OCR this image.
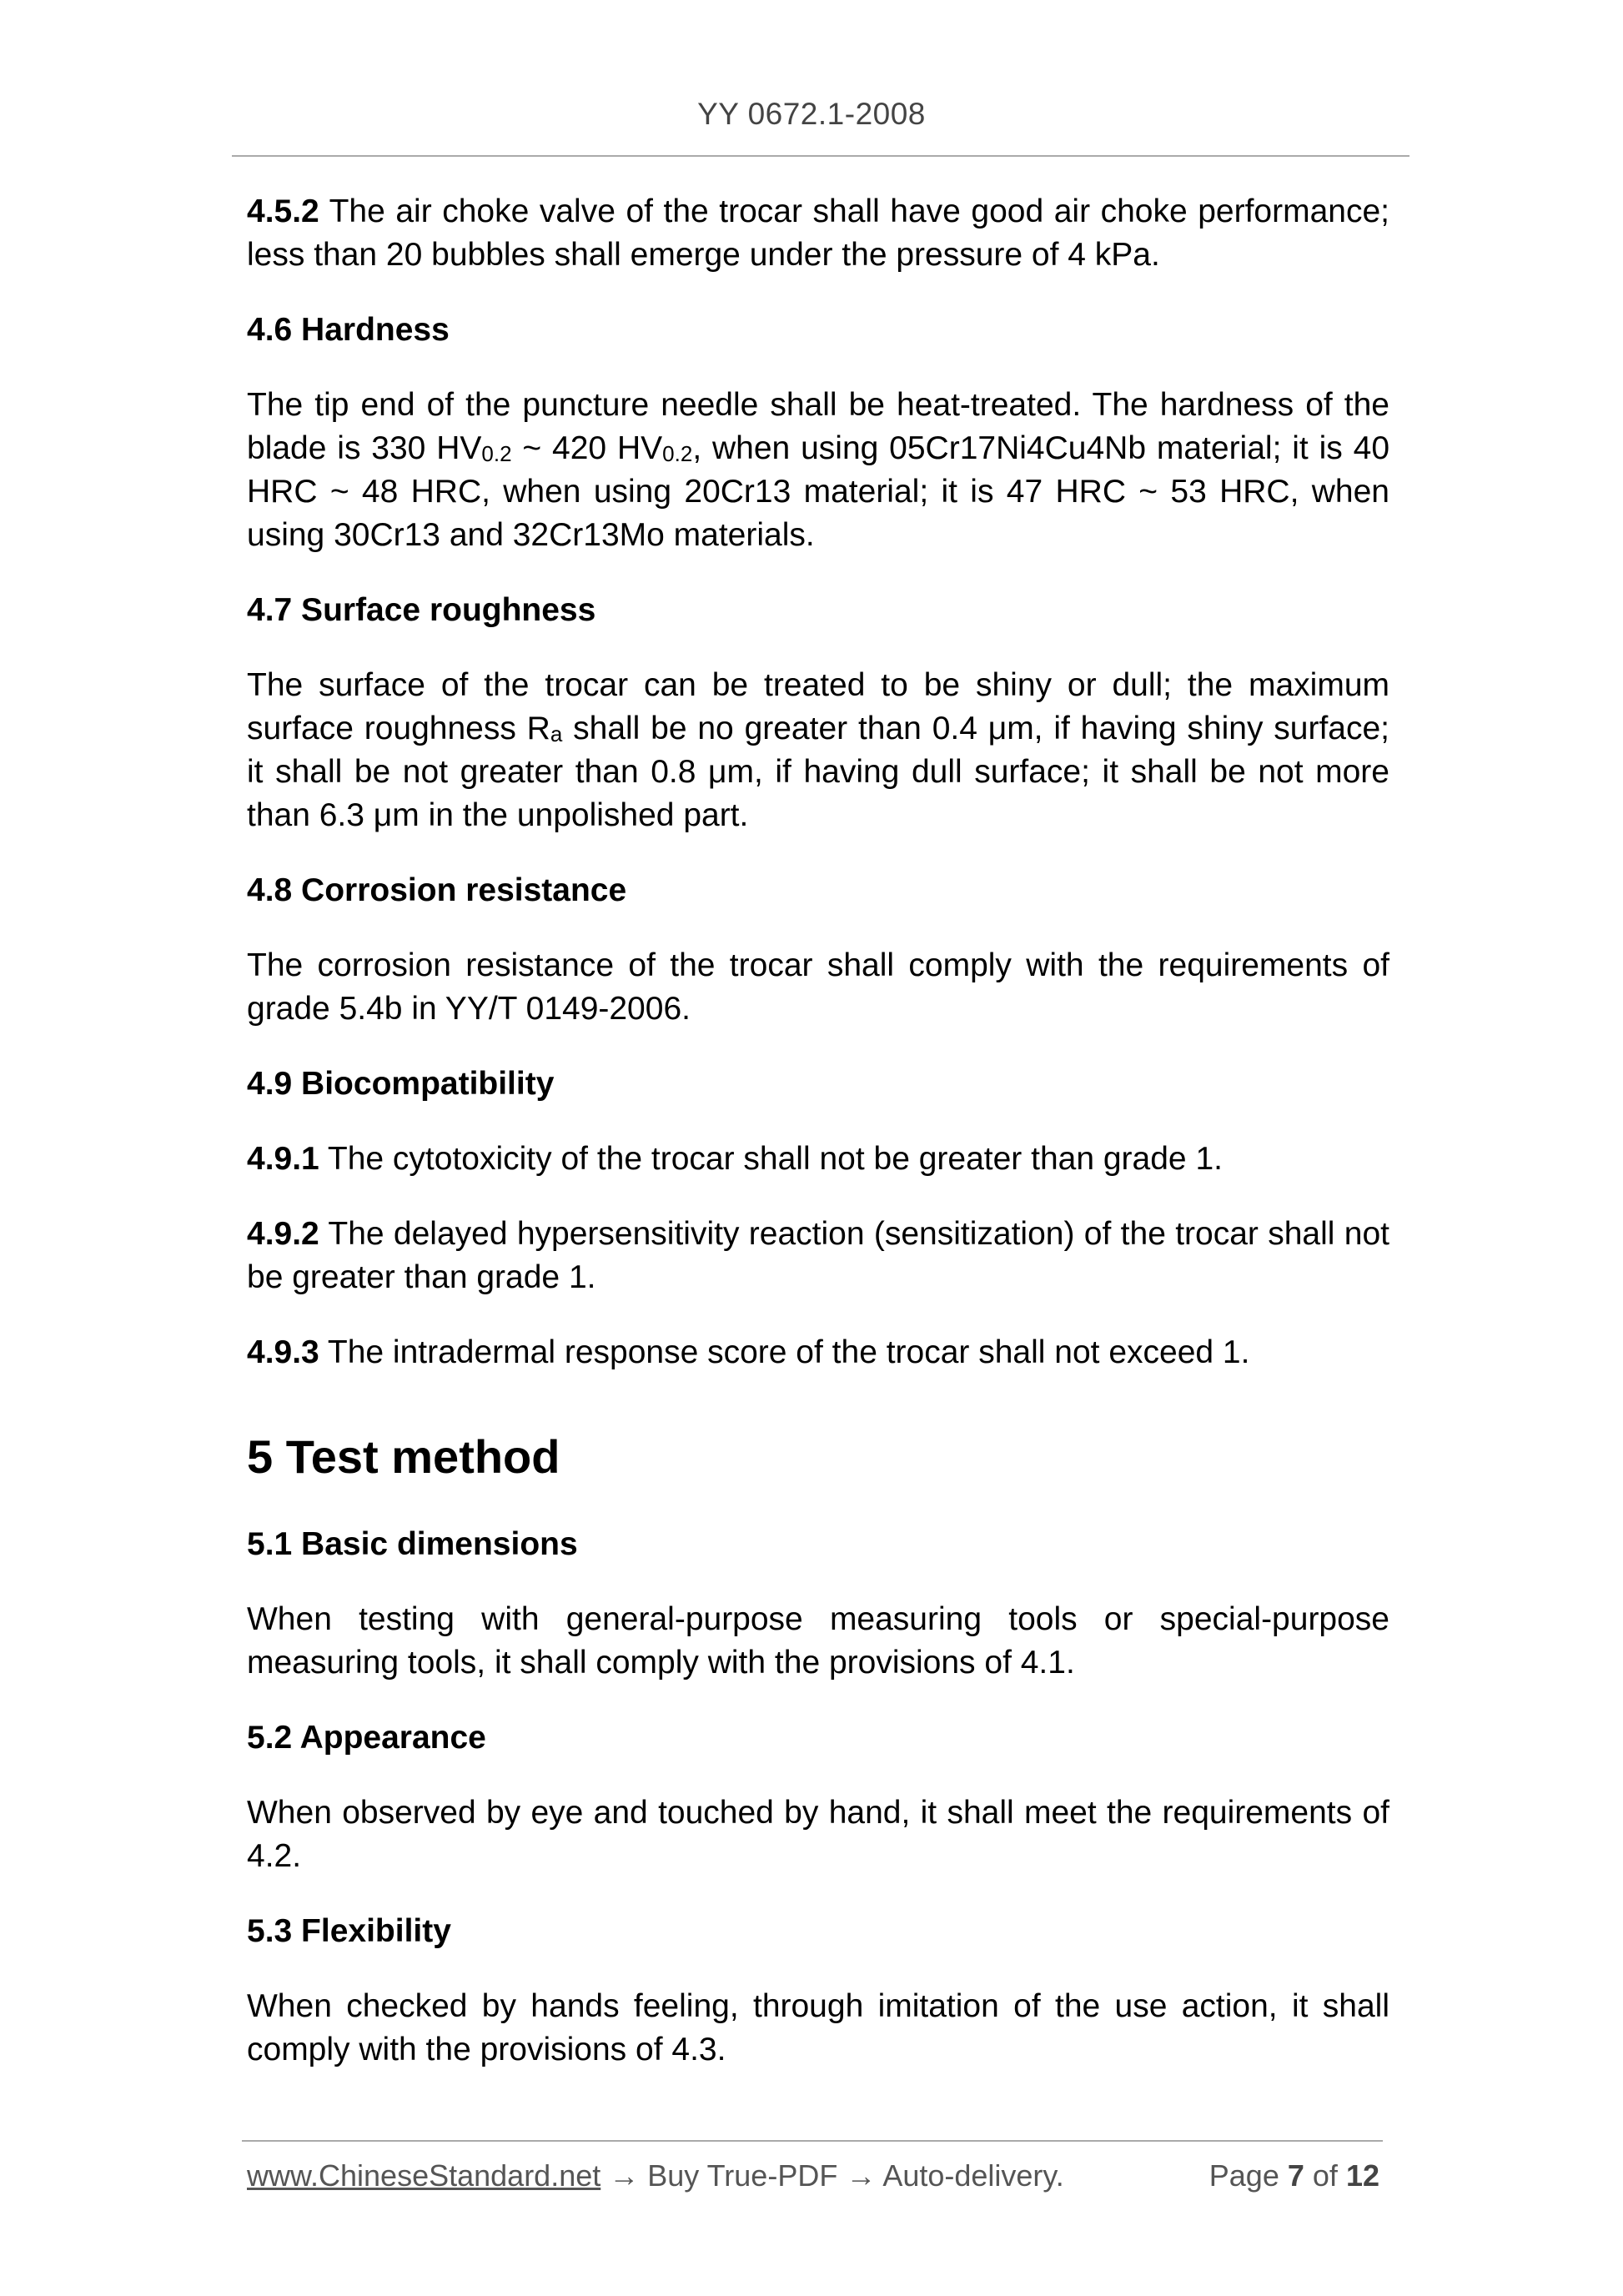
YY 0672.1-2008

4.5.2 The air choke valve of the trocar shall have good air choke performance; less than 20 bubbles shall emerge under the pressure of 4 kPa.

4.6 Hardness

The tip end of the puncture needle shall be heat-treated. The hardness of the blade is 330 $HV_{0.2}$ ~ 420 $HV_{0.2}$, when using 05Cr17Ni4Cu4Nb material; it is 40 HRC ~ 48 HRC, when using 20Cr13 material; it is 47 HRC ~ 53 HRC, when using 30Cr13 and 32Cr13Mo materials.

4.7 Surface roughness

The surface of the trocar can be treated to be shiny or dull; the maximum surface roughness $R_a$ shall be no greater than 0.4 μm, if having shiny surface; it shall be not greater than 0.8 μm, if having dull surface; it shall be not more than 6.3 μm in the unpolished part.

4.8 Corrosion resistance

The corrosion resistance of the trocar shall comply with the requirements of grade 5.4b in YY/T 0149-2006.

4.9 Biocompatibility

4.9.1 The cytotoxicity of the trocar shall not be greater than grade 1.

4.9.2 The delayed hypersensitivity reaction (sensitization) of the trocar shall not be greater than grade 1.

4.9.3 The intradermal response score of the trocar shall not exceed 1.

5 Test method
5.1 Basic dimensions

When testing with general-purpose measuring tools or special-purpose measuring tools, it shall comply with the provisions of 4.1.

5.2 Appearance

When observed by eye and touched by hand, it shall meet the requirements of 4.2.

5.3 Flexibility

When checked by hands feeling, through imitation of the use action, it shall comply with the provisions of 4.3.

www.ChineseStandard.net → Buy True-PDF → Auto-delivery.	Page 7 of 12
